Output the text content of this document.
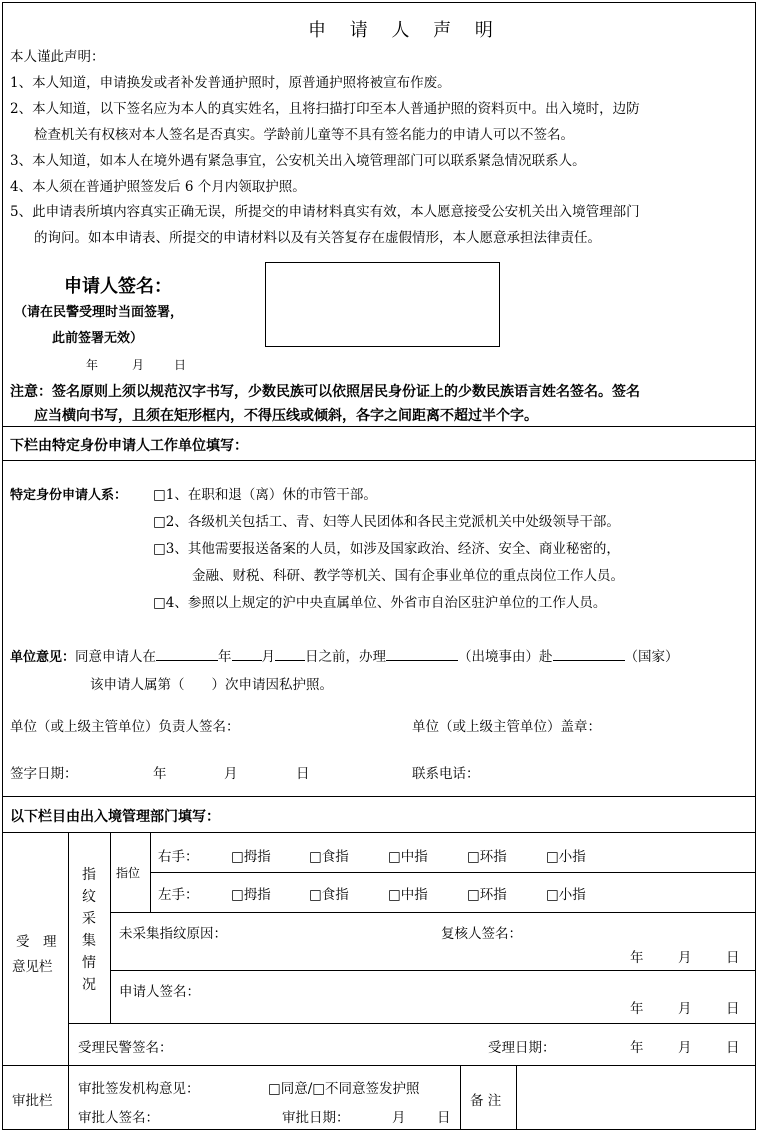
申 请 人 声 明
本人谨此声明：
1、本人知道，申请换发或者补发普通护照时，原普通护照将被宣布作废。
2、本人知道，以下签名应为本人的真实姓名，且将扫描打印至本人普通护照的资料页中。出入境时，边防
检查机关有权核对本人签名是否真实。学龄前儿童等不具有签名能力的申请人可以不签名。
3、本人知道，如本人在境外遇有紧急事宜，公安机关出入境管理部门可以联系紧急情况联系人。
4、本人须在普通护照签发后 6 个月内领取护照。
5、此申请表所填内容真实正确无误，所提交的申请材料真实有效，本人愿意接受公安机关出入境管理部门
的询问。如本申请表、所提交的申请材料以及有关答复存在虚假情形，本人愿意承担法律责任。
申请人签名：
（请在民警受理时当面签署，
此前签署无效）
年	月 日
注意：签名原则上须以规范汉字书写，少数民族可以依照居民身份证上的少数民族语言姓名签名。签名
应当横向书写，且须在矩形框内，不得压线或倾斜，各字之间距离不超过半个字。
下栏由特定身份申请人工作单位填写：
特定身份申请人系： □1、在职和退（离）休的市管干部。
□2、各级机关包括工、青、妇等人民团体和各民主党派机关中处级领导干部。
□3、其他需要报送备案的人员，如涉及国家政治、经济、安全、商业秘密的，
金融、财税、科研、教学等机关、国有企事业单位的重点岗位工作人员。
□4、参照以上规定的沪中央直属单位、外省市自治区驻沪单位的工作人员。
单位意见：同意申请人在	年 月 日之前，办理	（出境事由）赴	（国家）
该申请人属第（　　）次申请因私护照。
单位（或上级主管单位）负责人签名：	单位（或上级主管单位）盖章：
签字日期：	年	月	日	联系电话：
以下栏目由出入境管理部门填写：
受　理
意见栏
指纹采集情况
指位
右手： □拇指	□食指	□中指	□环指	□小指
左手： □拇指	□食指	□中指	□环指	□小指
未采集指纹原因：	复核人签名：
年	月	日
申请人签名：
年	月	日
受理民警签名：	受理日期：	年	月	日
审批栏
审批签发机构意见：	□同意/□不同意签发护照
审批人签名：	审批日期：	月 日
备 注
